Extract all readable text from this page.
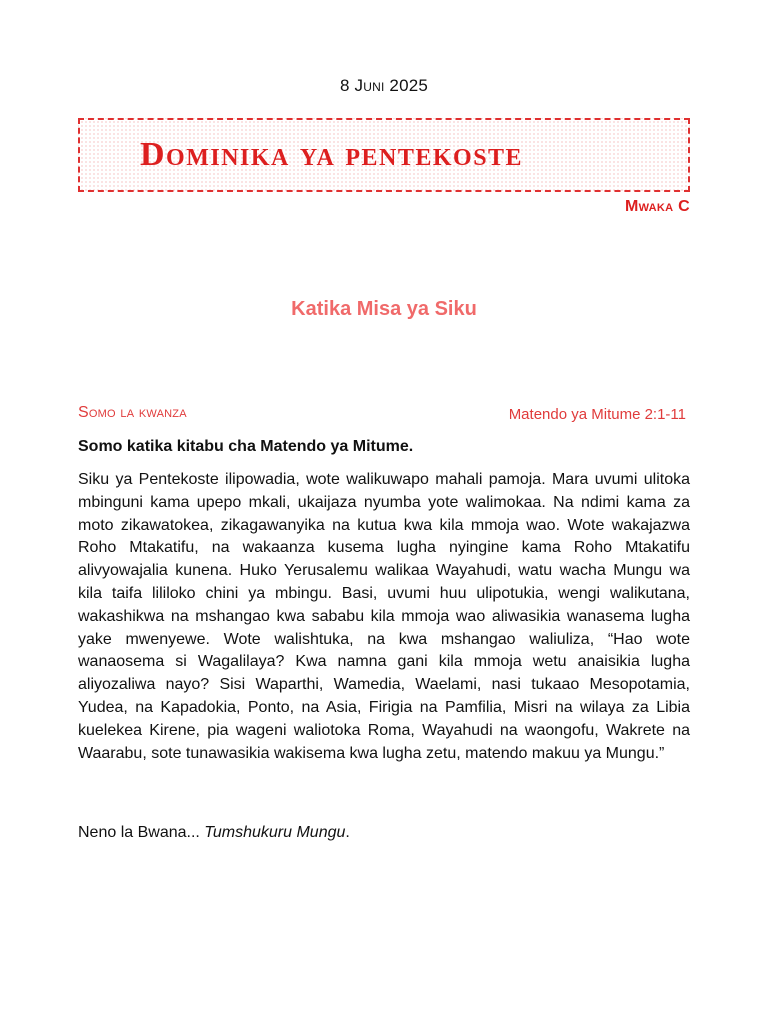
8 Juni 2025
Dominika ya pentekoste
Mwaka C
Katika Misa ya Siku
Somo la kwanza	Matendo ya Mitume 2:1-11
Somo katika kitabu cha Matendo ya Mitume.

Siku ya Pentekoste ilipowadia, wote walikuwapo mahali pamoja. Mara uvumi ulitoka mbinguni kama upepo mkali, ukaijaza nyumba yote walimokaa. Na ndimi kama za moto zikawatokea, zikagawanyika na kutua kwa kila mmoja wao. Wote wakajazwa Roho Mtakatifu, na wakaanza kusema lugha nyingine kama Roho Mtakatifu alivyowajalia kunena. Huko Yerusalemu walikaa Wayahudi, watu wacha Mungu wa kila taifa lililoko chini ya mbingu. Basi, uvumi huu ulipotukia, wengi walikutana, wakashikwa na mshangao kwa sababu kila mmoja wao aliwasikia wanasema lugha yake mwenyewe. Wote walishtuka, na kwa mshangao waliuliza, “Hao wote wanaosema si Wagalilaya? Kwa namna gani kila mmoja wetu anaisikia lugha aliyozaliwa nayo? Sisi Waparthi, Wamedia, Waelami, nasi tukaao Mesopotamia, Yudea, na Kapadokia, Ponto, na Asia, Firigia na Pamfilia, Misri na wilaya za Libia kuelekea Kirene, pia wageni waliotoka Roma, Wayahudi na waongofu, Wakrete na Waarabu, sote tunawasikia wakisema kwa lugha zetu, matendo makuu ya Mungu.”

Neno la Bwana... Tumshukuru Mungu.
